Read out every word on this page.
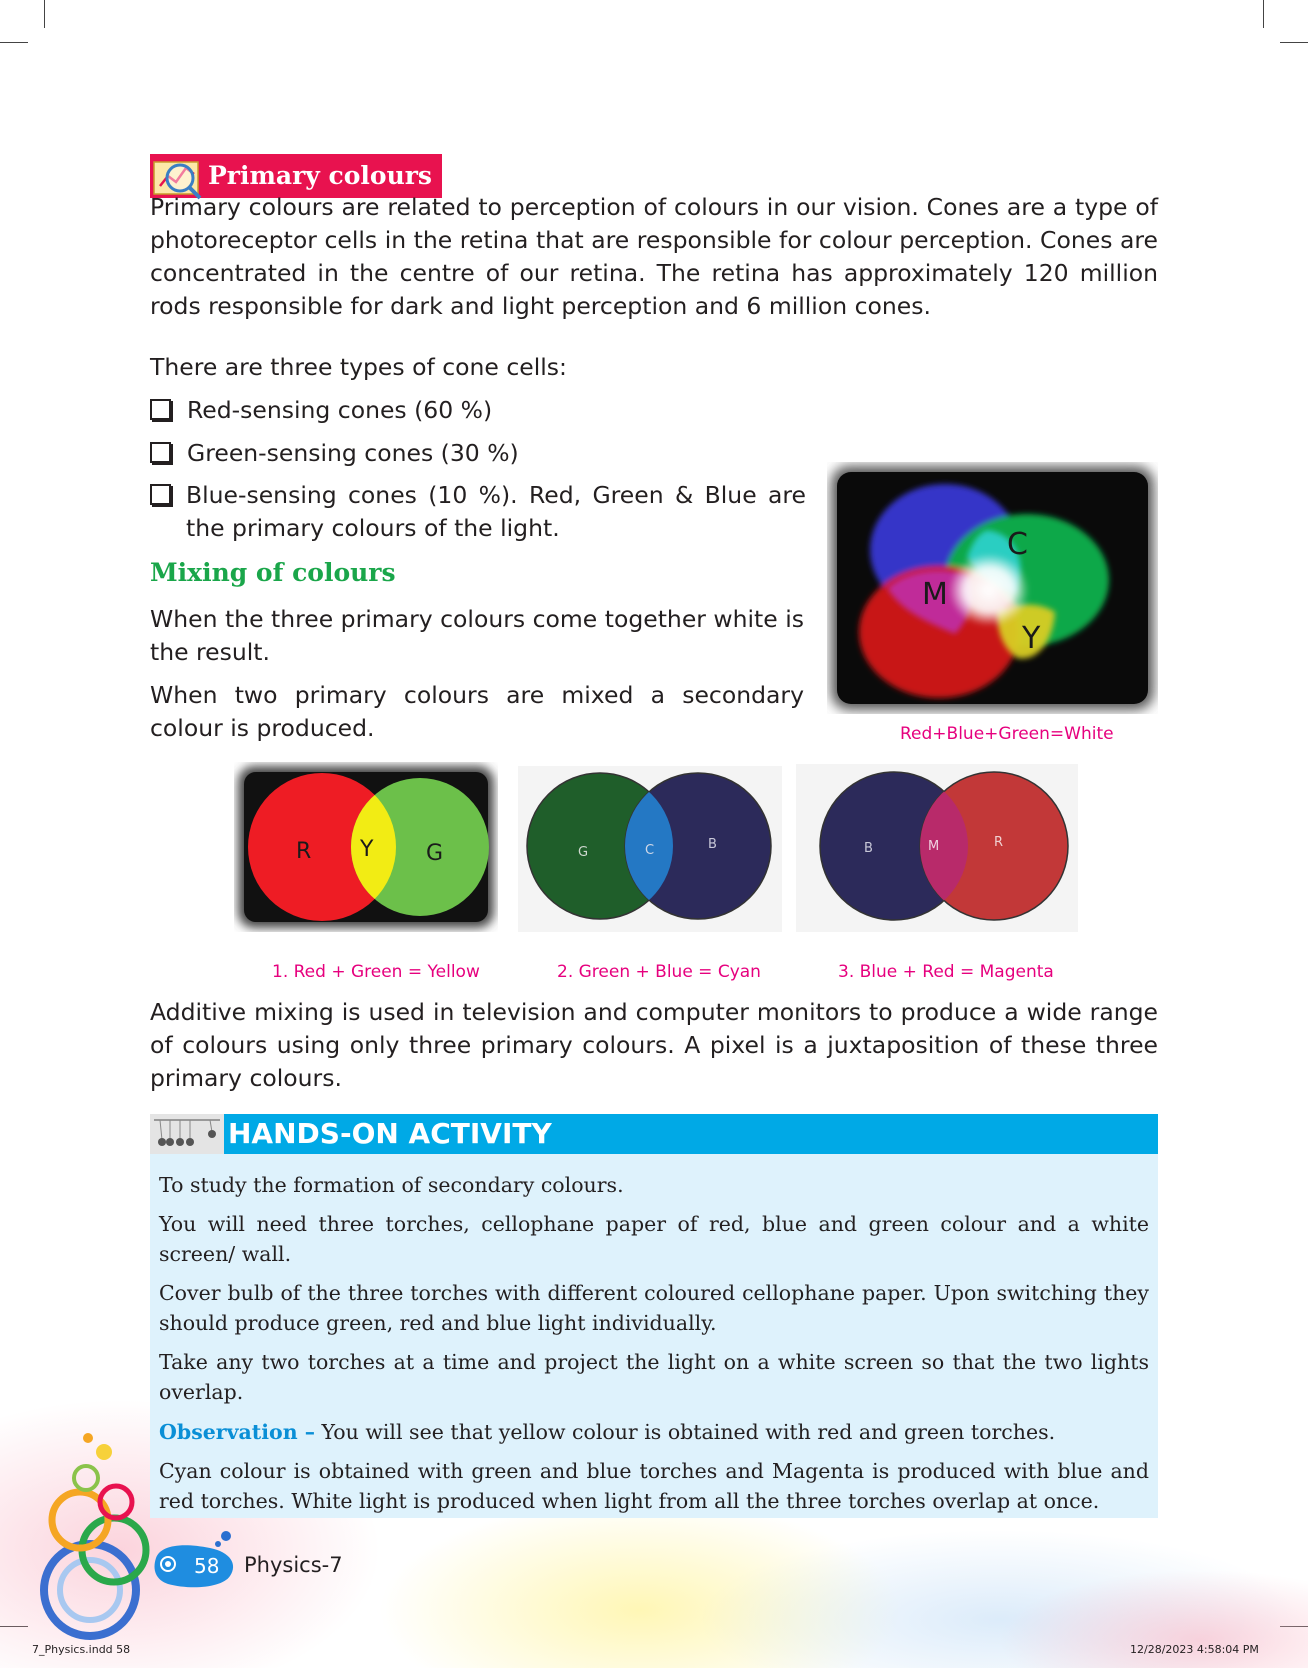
Primary colours

Primary colours are related to perception of colours in our vision. Cones are a type of photoreceptor cells in the retina that are responsible for colour perception. Cones are concentrated in the centre of our retina. The retina has approximately 120 million rods responsible for dark and light perception and 6 million cones.

There are three types of cone cells:

Red-sensing cones (60 %)
Green-sensing cones (30 %)

Blue-sensing cones (10 %). Red, Green & Blue are the primary colours of the light.

Mixing of colours

When the three primary colours come together white is the result.

When two primary colours are mixed a secondary colour is produced.

C
M
Y
Red+Blue+Green=White
R Y G	G	C	B	B	M	R
1. Red + Green = Yellow	2. Green + Blue = Cyan	3. Blue + Red = Magenta

Additive mixing is used in television and computer monitors to produce a wide range of colours using only three primary colours. A pixel is a juxtaposition of these three primary colours.

HANDS-ON ACTIVITY

To study the formation of secondary colours.

You will need three torches, cellophane paper of red, blue and green colour and a white screen/ wall.

Cover bulb of the three torches with different coloured cellophane paper. Upon switching they should produce green, red and blue light individually.

Take any two torches at a time and project the light on a white screen so that the two lights overlap.

Observation – You will see that yellow colour is obtained with red and green torches.

Cyan colour is obtained with green and blue torches and Magenta is produced with blue and red torches. White light is produced when light from all the three torches overlap at once.

58 Physics-7
7_Physics.indd 58	12/28/2023 4:58:04 PM
